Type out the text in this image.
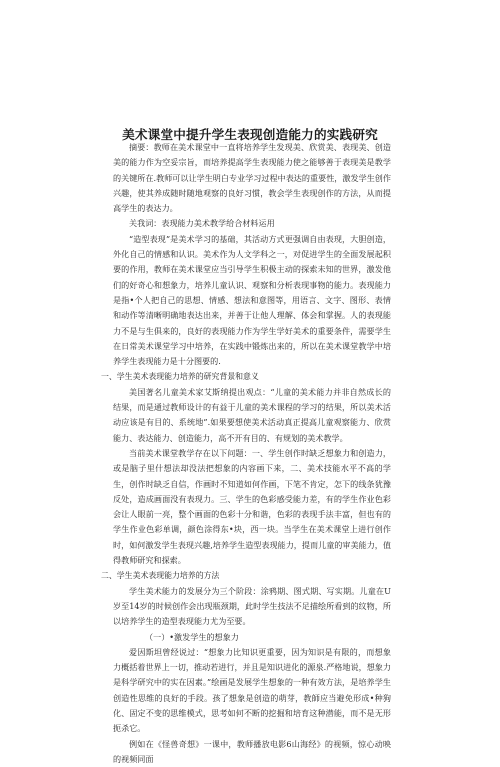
美术课堂中提升学生表现创造能力的实践研究

摘要：教师在美术课堂中一直将培养学生发现美、欣赏美、表现美、创造美的能力作为空妥宗旨，而培养提高学生表现能力使之能够善于表现美是教学的关键所在.教师可以让学生明白专业学习过程中表达的重要性，激发学生创作兴趣，使其养成随时随地观察的良好习惯，教会学生表现创作的方法，从而提高学生的表达力。

关我词：表现能力美术教学给合材料运用

“造型表现”是美术学习的基础，其活动方式更强调自由表现，大胆创造，外化自己的情感和认识。美术作为人文学科之一，对促进学生的全面发展起积要的作用，教师在美术课堂应当引导学生积极主动的探索未知的世界，激发他们的好奇心和想象力，培养儿童认识、观察和分析表现事物的能力。表现能力是指•个人把自己的思想、情感、想法和意图等，用语言、文字、图形、表情和动作等清晰明确地表达出来，并善于让他人理解、体会和掌握。人的表现能力不是与生俱来的，良好的表现能力作为学生学好美术的重要条件，需要学生在日常美术课堂学习中培养，在实践中锻炼出来的，所以在美术课堂教学中培养学生表现能力是十分图要的.

一、学生美术表现能力培养的研究背景和意义

美国著名儿童美术家艾斯纳提出观点：“儿童的美术能力并非自然成长的结果，而是通过教师设计的有益于儿童的美术课程的学习的结果，所以美术活动应该是有目的、系统地”.如果要想使美术活动真正提高儿童观察能力、欣赏能力、表达能力、创造能力，高不开有目的、有规划的美术教学。

当前美术课堂教学存在以下问题：一、学生创作时缺乏想象力和创造力，或是脑子里什想法却没法把想象的内容画下来，二、美术技能水平不高的学生，创作时缺乏自信，作画时不知道如何作画，下笔不肯定，怎下的线条犹豫反处，造成画面没有表现力。三、学生的色彩感受能力差，有的学生作业色彩会让人眼前一亮，整个画面的色彩十分和谐，色彩的表现手法丰富，但也有的学生作业色彩单调，颜色涂得东•块，西一块。当学生在美术课堂上进行创作时，如何激发学生表现兴趣,培养学生造型表现能力，提而儿童的审美能力，值得教师研究和探索。

二、学生美术表现能力培养的方法

学生美术能力的发展分为三个阶段：涂鸦期、图式期、写实期。儿童在U岁至14岁的时候创作会出现瓶颈期，此时学生技法不足描绘所看到的纹物，所以培养学生的造型表现能力尤为至要。

（一）•激发学生的想象力

爱因斯坦曾经说过：“想象力比知识更重要，因为知识是有限的，而想象力概括着世界上一切，推动若进行，并且是知识进化的源泉.严格地说，想象力是科学研究中的实在因素。”绘画是发展学生想象的一种有效方法，是培养学生创造性思维的良好的手段。孩了想象是创造的萌芽，教師应当避免形成•种狗化、固定不变的思维模式，思考如何不断的挖掘和培育这种潜能，而不是无形扼杀它。

例如在《怪兽奇想》一课中，教师播放电影6山海经》的视频，惊心动映的视频同面
